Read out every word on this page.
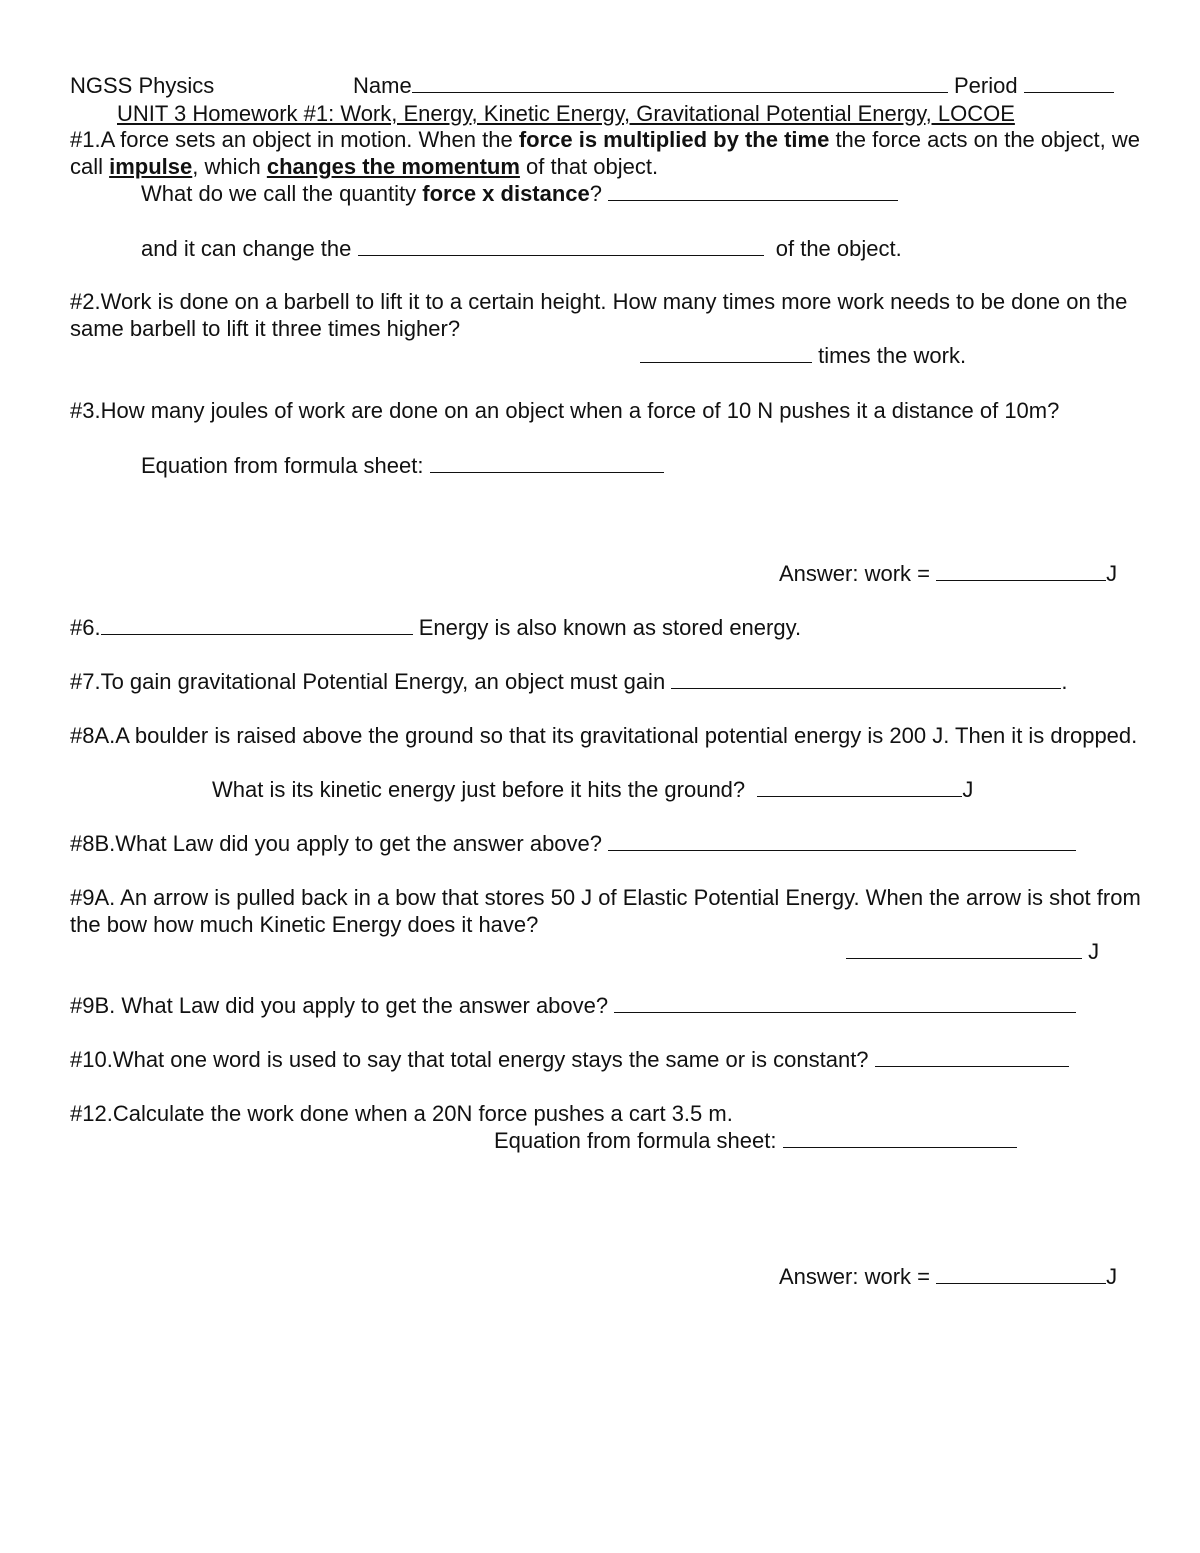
NGSS Physics	Name	Period
UNIT 3 Homework #1: Work, Energy, Kinetic Energy, Gravitational Potential Energy, LOCOE
#1.A force sets an object in motion. When the force is multiplied by the time the force acts on the object, we call impulse, which changes the momentum of that object.
What do we call the quantity force x distance?
and it can change the	of the object.
#2.Work is done on a barbell to lift it to a certain height. How many times more work needs to be done on the same barbell to lift it three times higher?
times the work.
#3.How many joules of work are done on an object when a force of 10 N pushes it a distance of 10m?
Equation from formula sheet:
Answer: work =	J
#6.	Energy is also known as stored energy.
#7.To gain gravitational Potential Energy, an object must gain	.
#8A.A boulder is raised above the ground so that its gravitational potential energy is 200 J. Then it is dropped.
What is its kinetic energy just before it hits the ground?	J
#8B.What Law did you apply to get the answer above?
#9A. An arrow is pulled back in a bow that stores 50 J of Elastic Potential Energy. When the arrow is shot from the bow how much Kinetic Energy does it have?
J
#9B. What Law did you apply to get the answer above?
#10.What one word is used to say that total energy stays the same or is constant?
#12.Calculate the work done when a 20N force pushes a cart 3.5 m.
Equation from formula sheet:
Answer: work =	J
